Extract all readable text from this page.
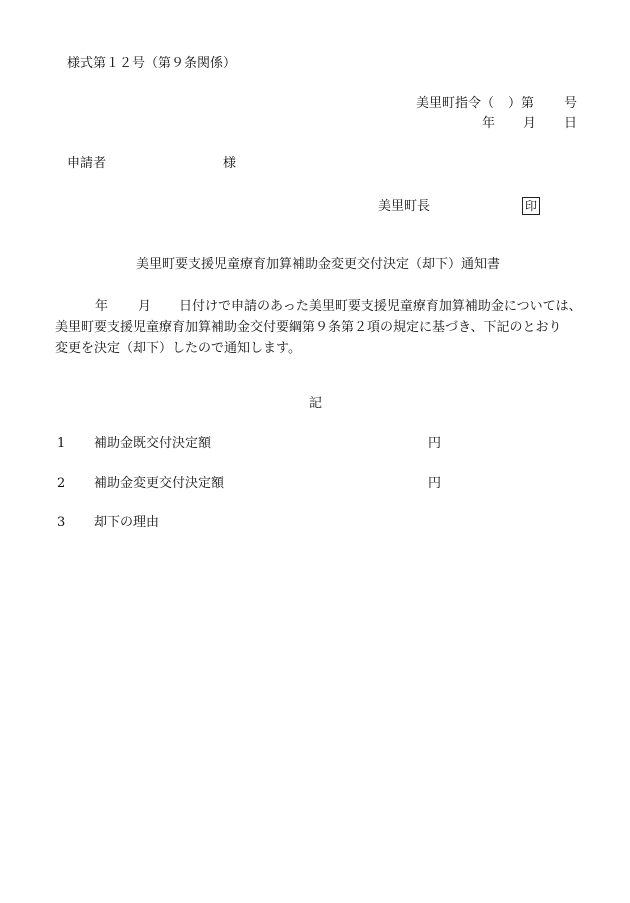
様式第１２号（第９条関係）
美里町指令（ ）第 号
年 月 日
申請者	様
美里町長	印
美里町要支援児童療育加算補助金変更交付決定（却下）通知書

年 月 日付けで申請のあった美里町要支援児童療育加算補助金については、

美里町要支援児童療育加算補助金交付要綱第９条第２項の規定に基づき、下記のとおり

変更を決定（却下）したので通知します。

記
1	補助金既交付決定額	円
2	補助金変更交付決定額	円
3	却下の理由
